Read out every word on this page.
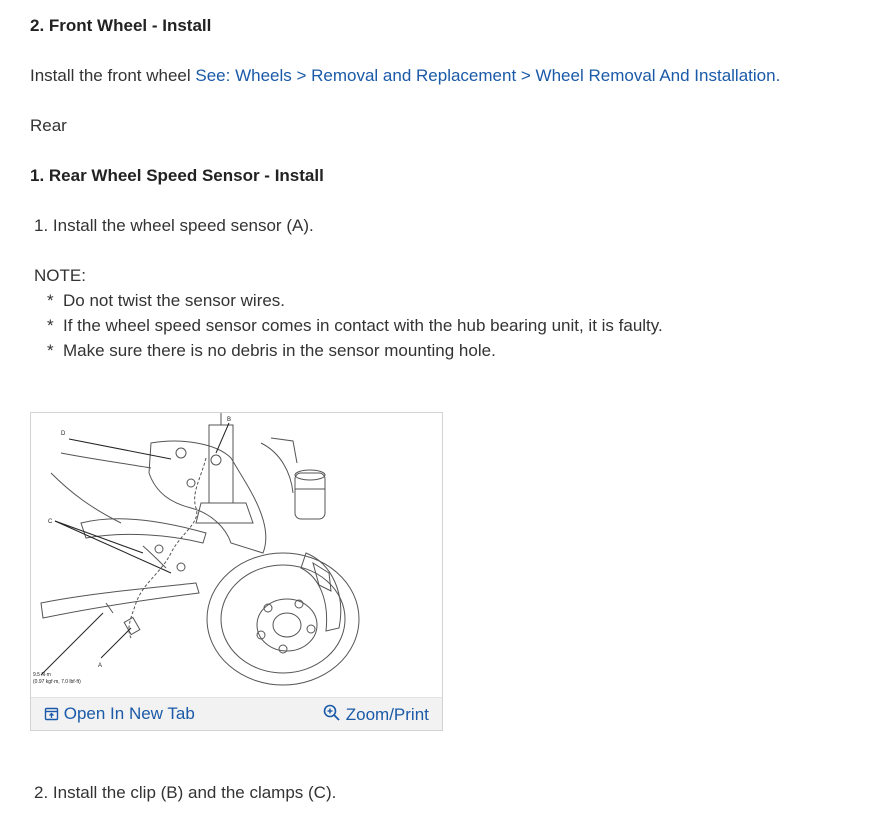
2. Front Wheel - Install
Install the front wheel See: Wheels > Removal and Replacement > Wheel Removal And Installation.
Rear
1. Rear Wheel Speed Sensor - Install
1. Install the wheel speed sensor (A).
NOTE:
* Do not twist the sensor wires.
* If the wheel speed sensor comes in contact with the hub bearing unit, it is faulty.
* Make sure there is no debris in the sensor mounting hole.
D
B
C
A
9.5 N·m
(0.97 kgf·m, 7.0 lbf·ft)
Open In New Tab	Zoom/Print
2. Install the clip (B) and the clamps (C).
